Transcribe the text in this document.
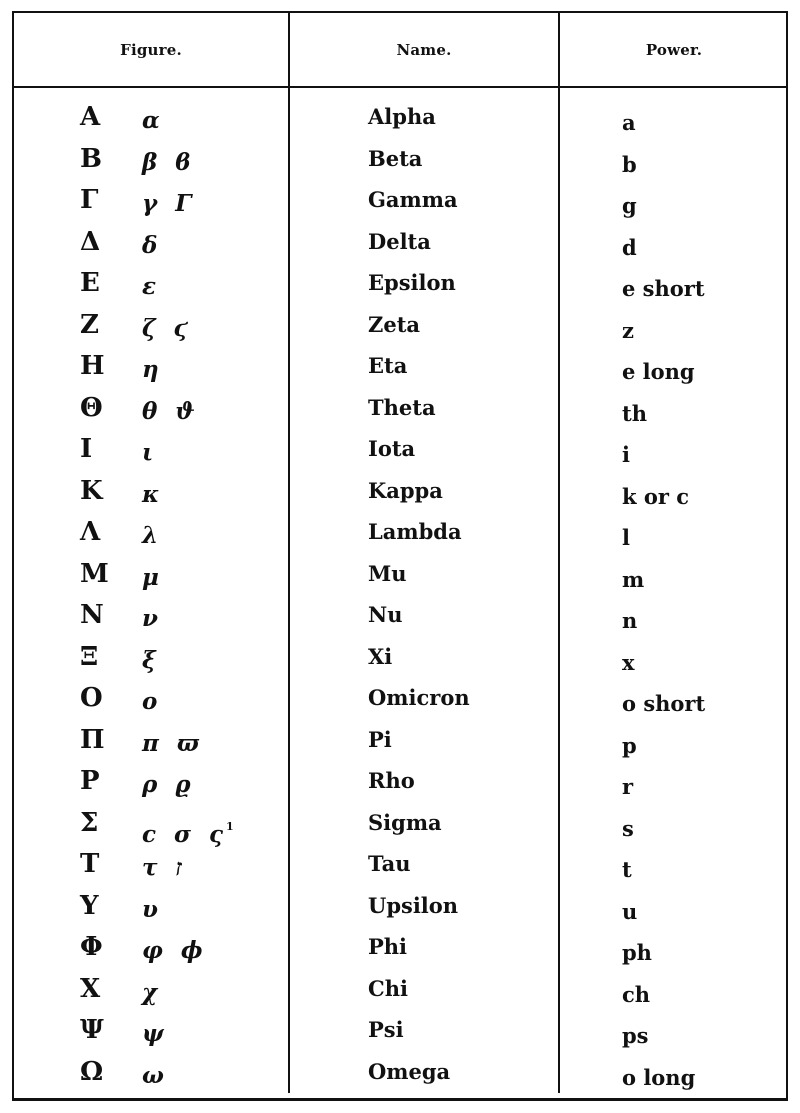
Figure.	Name.	Power.
Α	α	Alpha	a
Β	β ϐ	Beta	b
Γ	γ Γ	Gamma	g
Δ	δ	Delta	d
Ε	ε	Epsilon	e short
Ζ	ζ ϛ	Zeta	z
Η	η	Eta	e long
Θ	θ ϑ	Theta	th
Ι	ι	Iota	i
Κ	κ	Kappa	k or c
Λ	λ	Lambda	l
Μ	μ	Mu	m
Ν	ν	Nu	n
Ξ	ξ	Xi	x
Ο	ο	Omicron	o short
Π	π ϖ	Pi	p
Ρ	ρ ϱ	Rho	r
Σ	ϲ σ ς $^1$	Sigma	s
Τ	τ ז	Tau	t
Υ	υ	Upsilon	u
Φ	φ ϕ	Phi	ph
Χ	χ	Chi	ch
Ψ	ψ	Psi	ps
Ω	ω	Omega	o long
